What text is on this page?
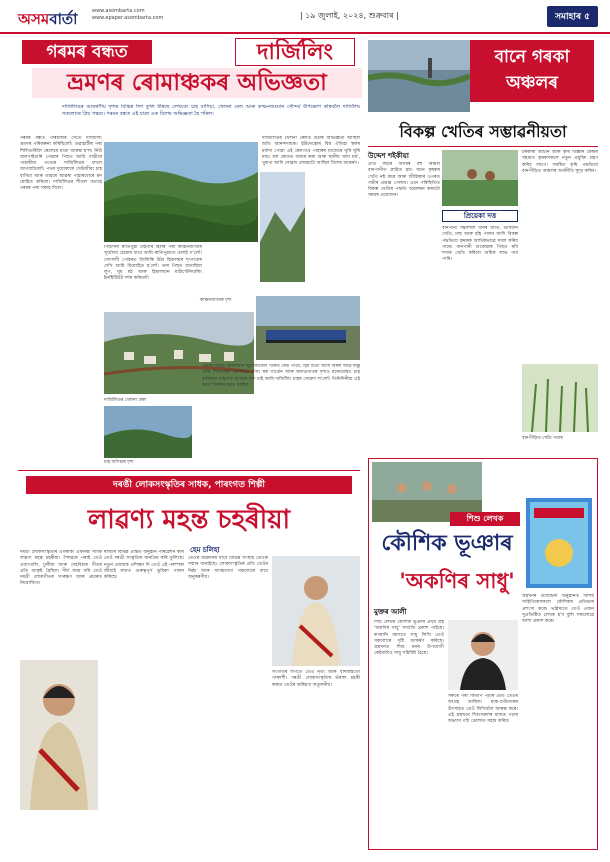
অসমবাৰ্তা	www.asombarta.com
www.epaper.asombarta.com	| ১৯ জুলাই, ২০২৪, শুক্ৰবাৰ |	সমাহাৰ ৫
গৰমৰ বন্ধত	দাৰ্জিলিং
ভ্ৰমণৰ ৰোমাঞ্চকৰ অভিজ্ঞতা
দাৰ্জিলিঙৰ আকৰ্ষণীয় দৃশ্যৰ বিভিন্ন দিশ তুলি ধৰিছে লেখকে। চাহ বাগিচা, খেলনা ৰেল আৰু কাঞ্চনজংঘাৰ সৌন্দৰ্য উপভোগ কৰিবলৈ দাৰ্জিলিং সকলোৰে প্ৰিয় গন্তব্য। গৰমৰ বন্ধত এই যাত্ৰা এক বিশেষ অভিজ্ঞতা হৈ পৰিল।
গৰমৰ বন্ধত পৰিয়ালৰ সৈতে দাৰ্জিলিং ভ্ৰমণৰ পৰিকল্পনা কৰিছিলোঁ। গুৱাহাটীৰ পৰা শিলিগুৰিলৈ ৰেলেৰে যাত্ৰা আৰম্ভ হ'ল। নিউ জলপাইগুৰি পোৱাৰ পিছত আমি গাড়ীৰে পাহাৰীয়া পথেৰে দাৰ্জিলিঙৰ ফালে আগবাঢ়িলোঁ। পথৰ দুয়োকাষে সেউজীয়া চাহ বাগিচা আৰু ডাৱৰে আৱৰা পাহাৰবোৰে মন মোহিত কৰিলে। দাৰ্জিলিঙৰ শীতল বতাহে গৰমৰ পৰা সকাহ দিলে।
কাঞ্চনজংঘাৰ দৃশ্য
পিছদিনা ৰাতিপুৱা টাইগাৰ হিলৰ পৰা কাঞ্চনজংঘাৰ সূৰ্যোদয় চোৱাৰ বাবে আমি ৰাতিপুৱাতে ওলাই গ'লোঁ। সোণালী পোহৰত জিলিকি উঠা হিমালয়ৰ শৃংগবোৰ দেখি আমি বিমোহিত হ'লোঁ। তাৰ পিছত বাতাছিয়া লুপ, ঘূম মঠ আৰু হিমালয়ান মাউণ্টেনিয়াৰিং ইনষ্টিটিউট দৰ্শন কৰিলোঁ।
দাৰ্জিলিঙৰ খেলনা ৰেলত উঠাৰ অভিজ্ঞতা আছিল অতি আনন্দদায়ক। ইউনেস্কোৰ বিশ্ব ঐতিহ্য স্থলৰ মৰ্যাদা পোৱা এই ৰেলপথে পাহাৰৰ মাজেৰে ঘূৰি ঘূৰি যায়। মল ৰোডত বজাৰ কৰা আৰু স্থানীয় খাদ্য মম', থুকপা আদি সোৱাদ লোৱাটো আছিল বিশেষ আকৰ্ষণ।
দাৰ্জিলিঙৰ খেলনা ৰেল
পদ্মজা নাইডু হিমালয়ান জুলজিকেল পাৰ্কত ৰেড পাণ্ডা, হিম চিতা আদি বিৰল জীৱ-জন্তু দেখি শিশুসকল আনন্দিত হ'ল। ৰক গাৰ্ডেন আৰু জলপ্ৰপাতৰ দৃশ্যও মনোমোহা। চাহ বাগিচাত চাহপাত চপোৱা দৃশ্য চাই আমি দাৰ্জিলিং চাহৰ সোৱাদ ল'লোঁ। তিনিদিনীয়া এই ভ্ৰমণ চিৰদিন মনত থাকিব।
চাহ বাগিচাৰ দৃশ্য
বানে গৰকা অঞ্চলৰ
বিকল্প খেতিৰ সম্ভাৱনীয়তা
উদ্দেশ শইকীয়া
প্ৰতি বছৰে অসমৰ বহু অঞ্চল বানপানীত প্লাৱিত হয়। বানে কৃষকৰ খেতি নষ্ট কৰে আৰু জীৱিকাৰ ওপৰত গভীৰ প্ৰভাৱ পেলায়। এনে পৰিস্থিতিত বিকল্প খেতিৰ পদ্ধতি অৱলম্বন কৰাটো সময়ৰ প্ৰয়োজন।
প্ৰিয়েকা দত্ত
বানপানী সহনশীল ধানৰ জাত, ভাসমান খেতি, মাছ আৰু হাঁহ পালন আদি বিকল্প পদ্ধতিয়ে কৃষকক আৰ্থিকভাৱে সবল কৰিব পাৰে। বানপানী শুকোৱাৰ পিছত ৰবি শস্যৰ খেতি কৰিলে অধিক লাভ পাব পাৰি।
চৰকাৰী আঁচনি আৰু কৃষি বিজ্ঞান কেন্দ্ৰৰ সহায়ত কৃষকসকলে নতুন প্ৰযুক্তি গ্ৰহণ কৰিব লাগে। সমন্বিত কৃষি পদ্ধতিয়ে বানপীড়িত অঞ্চলৰ অৰ্থনীতি সুদৃঢ় কৰিব।
বানপীড়িত খেতি পথাৰ
দৰঙী লোকসংস্কৃতিৰ সাধক, পাৰংগত শিল্পী
লাৱণ্য মহন্ত চহৰীয়া
হেম চলিহা
দৰঙী লোকসংস্কৃতিৰ এগৰাকী একনিষ্ঠ সাধক লাৱণ্য মহন্ত চহৰীয়া। শৈশৱৰে পৰাই তেওঁ ওজাপালি, ঢুলীয়া আৰু দেহবিচাৰ গীতৰ প্ৰতি আকৃষ্ট হৈছিল। দীৰ্ঘ সময় ধৰি তেওঁ দৰঙী লোকগীতৰ সংৰক্ষণ আৰু প্ৰচাৰত নিয়োজিত।
ৰাজ্যৰ বিভিন্ন প্ৰান্তত অনুষ্ঠান পৰিৱেশন কৰি তেওঁ দৰঙী সংস্কৃতিক জনপ্ৰিয় কৰি তুলিছে। নতুন প্ৰজন্মক প্ৰশিক্ষণ দি তেওঁ এই পৰম্পৰা জীয়াই ৰখাত গুৰুত্বপূৰ্ণ ভূমিকা পালন কৰিছে।
তেওঁৰ অৱদানৰ বাবে বিভিন্ন সংস্থাই তেওঁক সন্মান জনাইছে। লোকসংস্কৃতিৰ প্ৰতি তেওঁৰ নিষ্ঠা আৰু আত্মত্যাগ সকলোৰে বাবে অনুকৰণীয়।
সংগীতৰ লগতে তেওঁ নৃত্য আৰু বাদ্যযন্ত্ৰতো পাৰদৰ্শী। দৰঙী লোকসংস্কৃতিৰ ভঁৰাল চহকী কৰাত তেওঁৰ অৰিহণা অতুলনীয়।
শিশু লেখক
কৌশিক ভূঞাৰ
'অকণিৰ সাধু'
মুক্তৰ আলী
শিশু লেখক কৌশিক ভূঞাৰ প্ৰথম গ্ৰন্থ 'অকণিৰ সাধু' সম্প্ৰতি প্ৰকাশ পাইছে। কণমানি বয়সতে সাধু লিখি তেওঁ সকলোৰে দৃষ্টি আকৰ্ষণ কৰিছে। গ্ৰন্থখনত শিশু মনৰ উপযোগী কেইবাটাও সাধু সন্নিবিষ্ট হৈছে।
সৰুৰে পৰা কিতাপ পঢ়াৰ প্ৰতি তেওঁৰ আগ্ৰহ আছিল। মাক-দেউতাকৰ উৎসাহত তেওঁ লিখিবলৈ আৰম্ভ কৰে। এই গ্ৰন্থখনে শিশুসকলৰ মাজত পঢ়াৰ অভ্যাস গঢ়ি তোলাত সহায় কৰিব।
গ্ৰন্থখনৰ উন্মোচনী অনুষ্ঠানত বিশিষ্ট সাহিত্যিকসকলে কৌশিকৰ প্ৰতিভাৰ প্ৰশংসা কৰে। ভৱিষ্যতে তেওঁ এজন সুপ্ৰতিষ্ঠিত লেখক হ'ব বুলি সকলোৱে আশা প্ৰকাশ কৰে।
